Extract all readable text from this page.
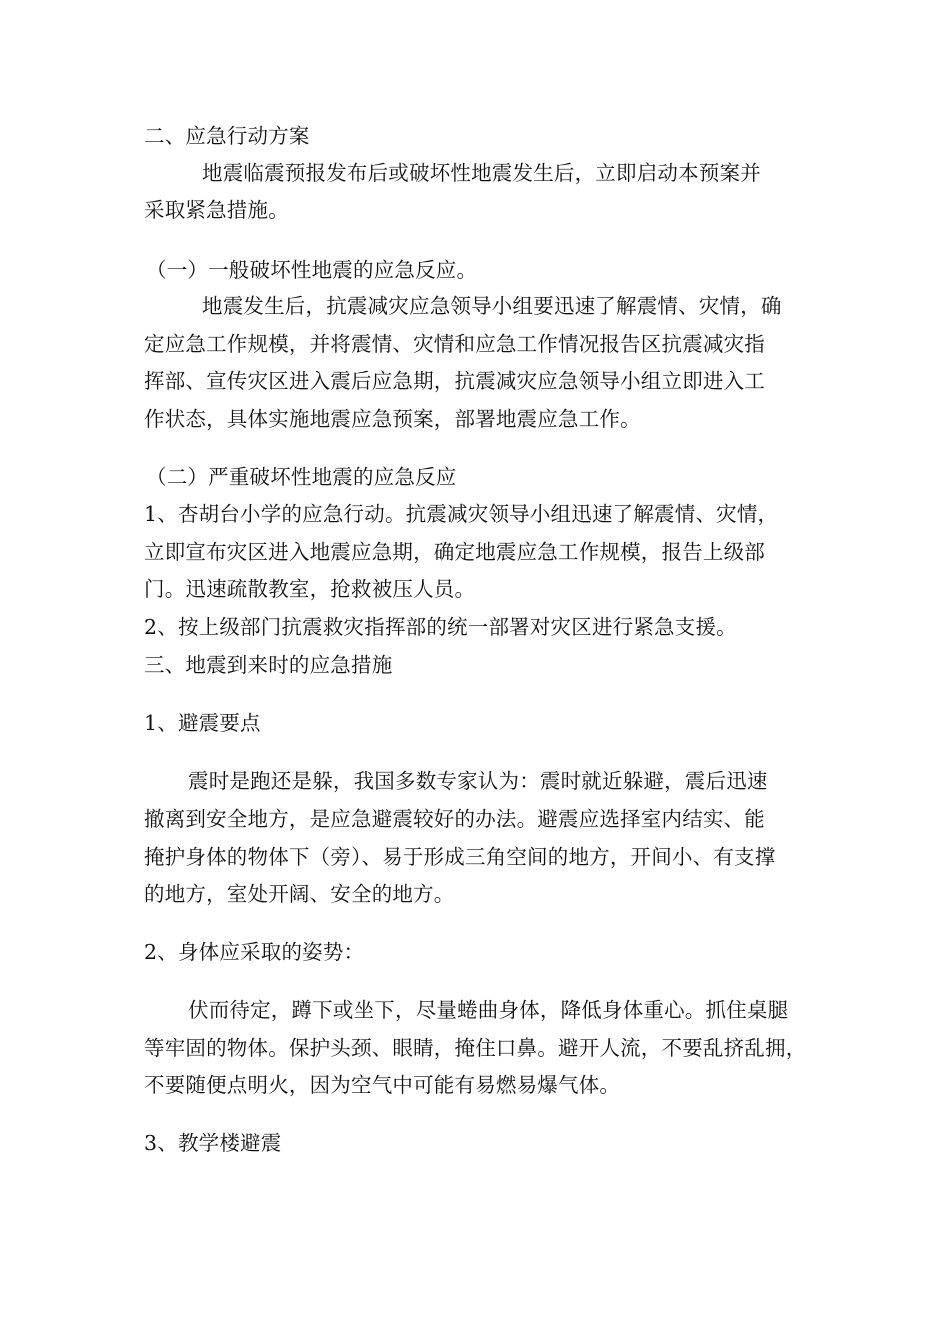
二、应急行动方案
地震临震预报发布后或破坏性地震发生后，立即启动本预案并
采取紧急措施。
（一）一般破坏性地震的应急反应。
地震发生后，抗震减灾应急领导小组要迅速了解震情、灾情，确
定应急工作规模，并将震情、灾情和应急工作情况报告区抗震减灾指
挥部、宣传灾区进入震后应急期，抗震减灾应急领导小组立即进入工
作状态，具体实施地震应急预案，部署地震应急工作。
（二）严重破坏性地震的应急反应
1、杏胡台小学的应急行动。抗震减灾领导小组迅速了解震情、灾情，
立即宣布灾区进入地震应急期，确定地震应急工作规模，报告上级部
门。迅速疏散教室，抢救被压人员。
2、按上级部门抗震救灾指挥部的统一部署对灾区进行紧急支援。
三、地震到来时的应急措施
1、避震要点
震时是跑还是躲，我国多数专家认为：震时就近躲避，震后迅速
撤离到安全地方，是应急避震较好的办法。避震应选择室内结实、能
掩护身体的物体下（旁）、易于形成三角空间的地方，开间小、有支撑
的地方，室处开阔、安全的地方。
2、身体应采取的姿势：
伏而待定，蹲下或坐下，尽量蜷曲身体，降低身体重心。抓住桌腿
等牢固的物体。保护头颈、眼睛，掩住口鼻。避开人流，不要乱挤乱拥，
不要随便点明火，因为空气中可能有易燃易爆气体。
3、教学楼避震
